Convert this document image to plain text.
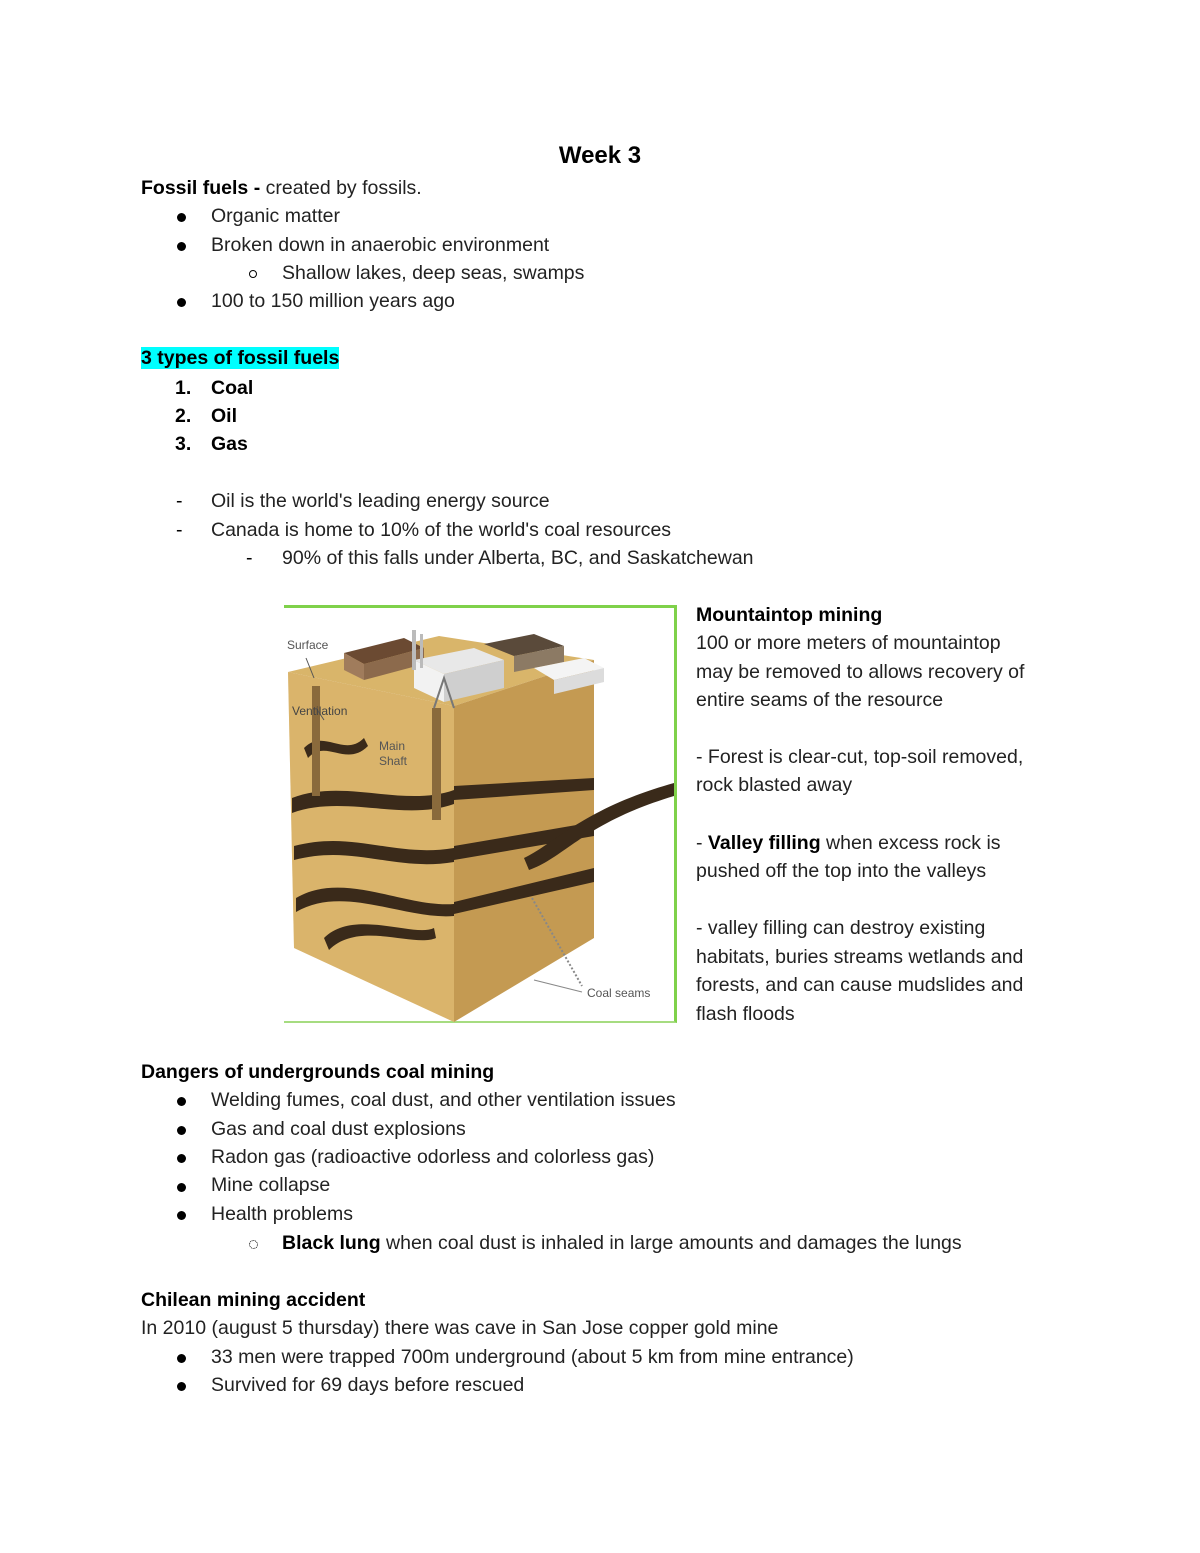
Week 3
Fossil fuels - created by fossils.
Organic matter
Broken down in anaerobic environment
Shallow lakes, deep seas, swamps
100 to 150 million years ago
3 types of fossil fuels
1. Coal
2. Oil
3. Gas
- Oil is the world's leading energy source
- Canada is home to 10% of the world's coal resources
- 90% of this falls under Alberta, BC, and Saskatchewan
Surface
Ventilation
Main
Shaft
Coal seams
Mountaintop mining
100 or more meters of mountaintop
may be removed to allows recovery of
entire seams of the resource
- Forest is clear-cut, top-soil removed,
rock blasted away
- Valley filling when excess rock is
pushed off the top into the valleys
- valley filling can destroy existing
habitats, buries streams wetlands and
forests, and can cause mudslides and
flash floods
Dangers of undergrounds coal mining
Welding fumes, coal dust, and other ventilation issues
Gas and coal dust explosions
Radon gas (radioactive odorless and colorless gas)
Mine collapse
Health problems
Black lung when coal dust is inhaled in large amounts and damages the lungs
Chilean mining accident
In 2010 (august 5 thursday) there was cave in San Jose copper gold mine
33 men were trapped 700m underground (about 5 km from mine entrance)
Survived for 69 days before rescued
